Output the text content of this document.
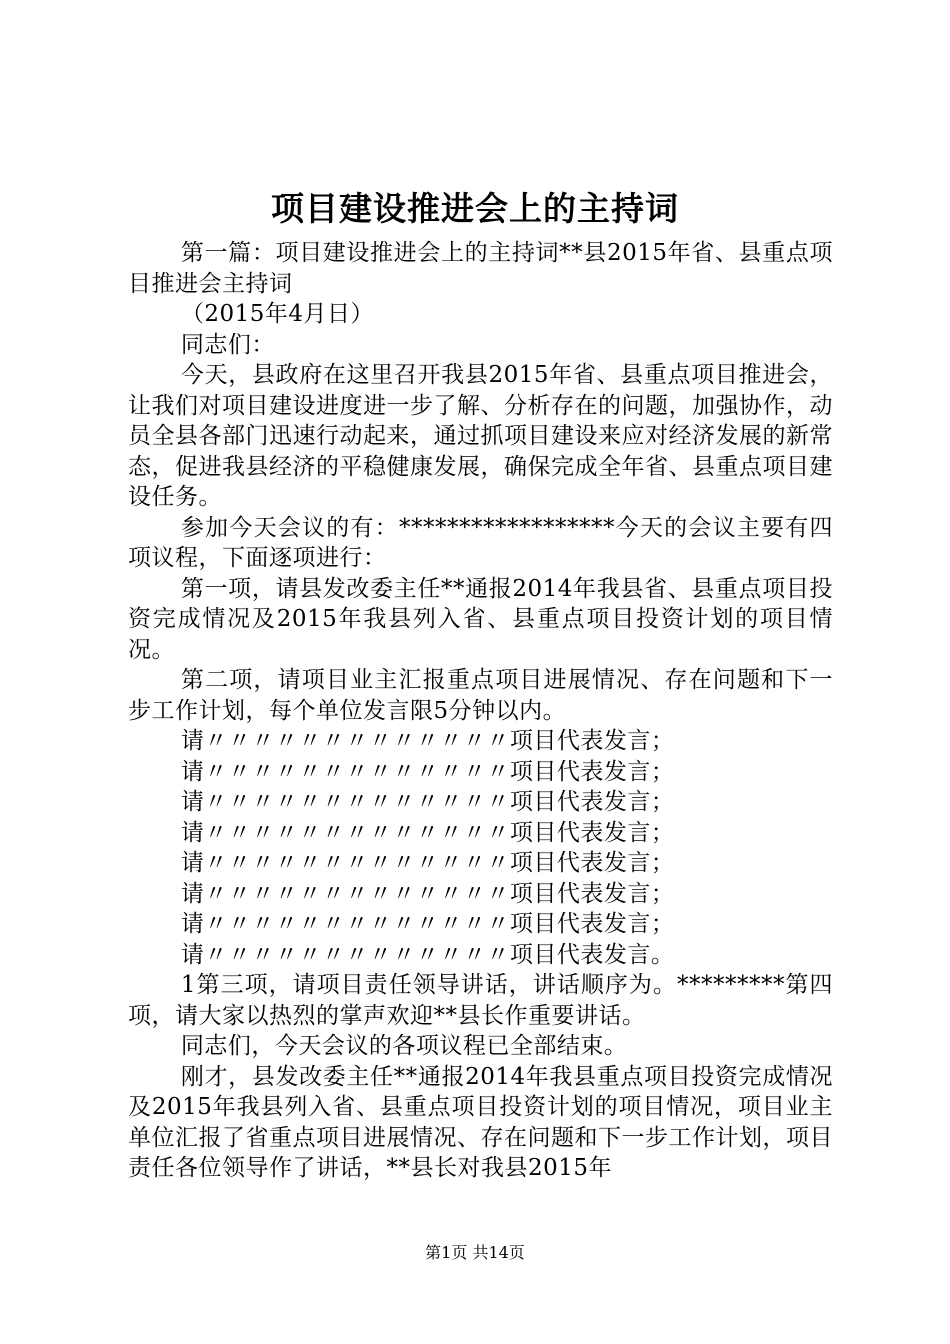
项目建设推进会上的主持词

第一篇：项目建设推进会上的主持词**县2015年省、县重点项目推进会主持词

（2015年4月日）

同志们：

今天，县政府在这里召开我县2015年省、县重点项目推进会，让我们对项目建设进度进一步了解、分析存在的问题，加强协作，动员全县各部门迅速行动起来，通过抓项目建设来应对经济发展的新常态，促进我县经济的平稳健康发展，确保完成全年省、县重点项目建设任务。

参加今天会议的有：******************今天的会议主要有四项议程，下面逐项进行：

第一项，请县发改委主任**通报2014年我县省、县重点项目投资完成情况及2015年我县列入省、县重点项目投资计划的项目情况。

第二项，请项目业主汇报重点项目进展情况、存在问题和下一步工作计划，每个单位发言限5分钟以内。

请〃〃〃〃〃〃〃〃〃〃〃〃〃项目代表发言；

请〃〃〃〃〃〃〃〃〃〃〃〃〃项目代表发言；

请〃〃〃〃〃〃〃〃〃〃〃〃〃项目代表发言；

请〃〃〃〃〃〃〃〃〃〃〃〃〃项目代表发言；

请〃〃〃〃〃〃〃〃〃〃〃〃〃项目代表发言；

请〃〃〃〃〃〃〃〃〃〃〃〃〃项目代表发言；

请〃〃〃〃〃〃〃〃〃〃〃〃〃项目代表发言；

请〃〃〃〃〃〃〃〃〃〃〃〃〃项目代表发言。

1第三项，请项目责任领导讲话，讲话顺序为。*********第四项，请大家以热烈的掌声欢迎**县长作重要讲话。

同志们，今天会议的各项议程已全部结束。

刚才，县发改委主任**通报2014年我县重点项目投资完成情况及2015年我县列入省、县重点项目投资计划的项目情况，项目业主单位汇报了省重点项目进展情况、存在问题和下一步工作计划，项目责任各位领导作了讲话，**县长对我县2015年

第1页 共14页
